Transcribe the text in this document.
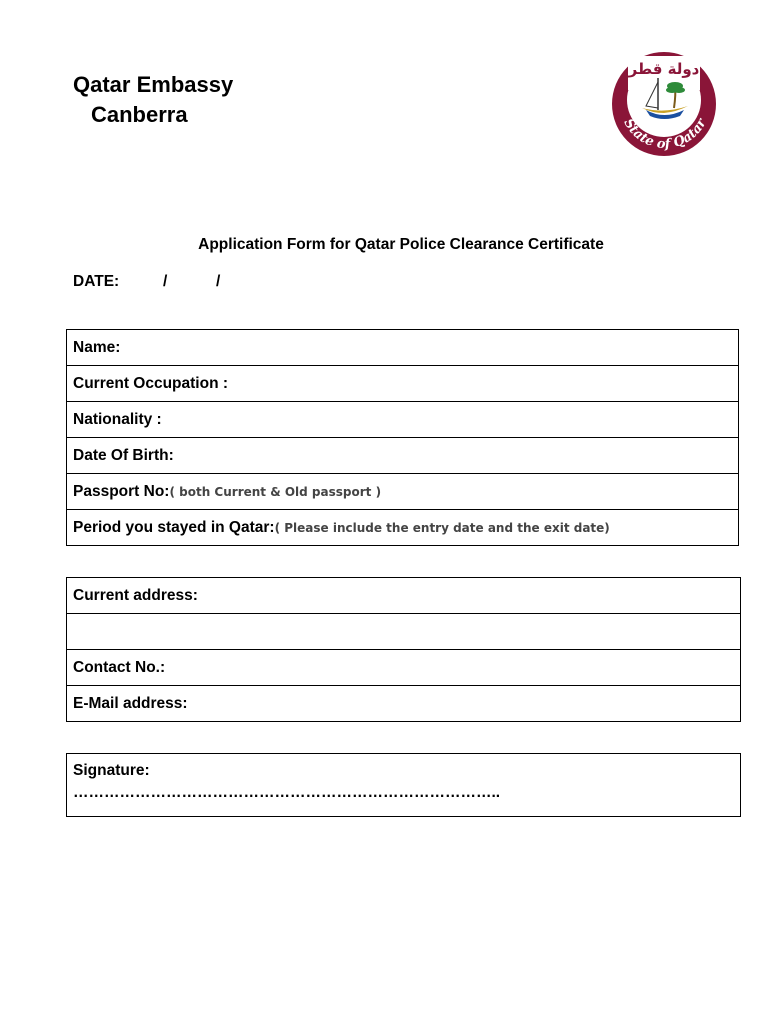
Qatar Embassy
Canberra
دولة قطر
State of Qatar
Application Form for Qatar Police Clearance Certificate
DATE:	/	/
Name:
Current Occupation :
Nationality :
Date Of Birth:
Passport No:( both Current & Old passport )
Period you stayed in Qatar:( Please include the entry date and the exit date)
Current address:

Contact No.:
E-Mail address:
Signature:
………………………………………………………………………..
